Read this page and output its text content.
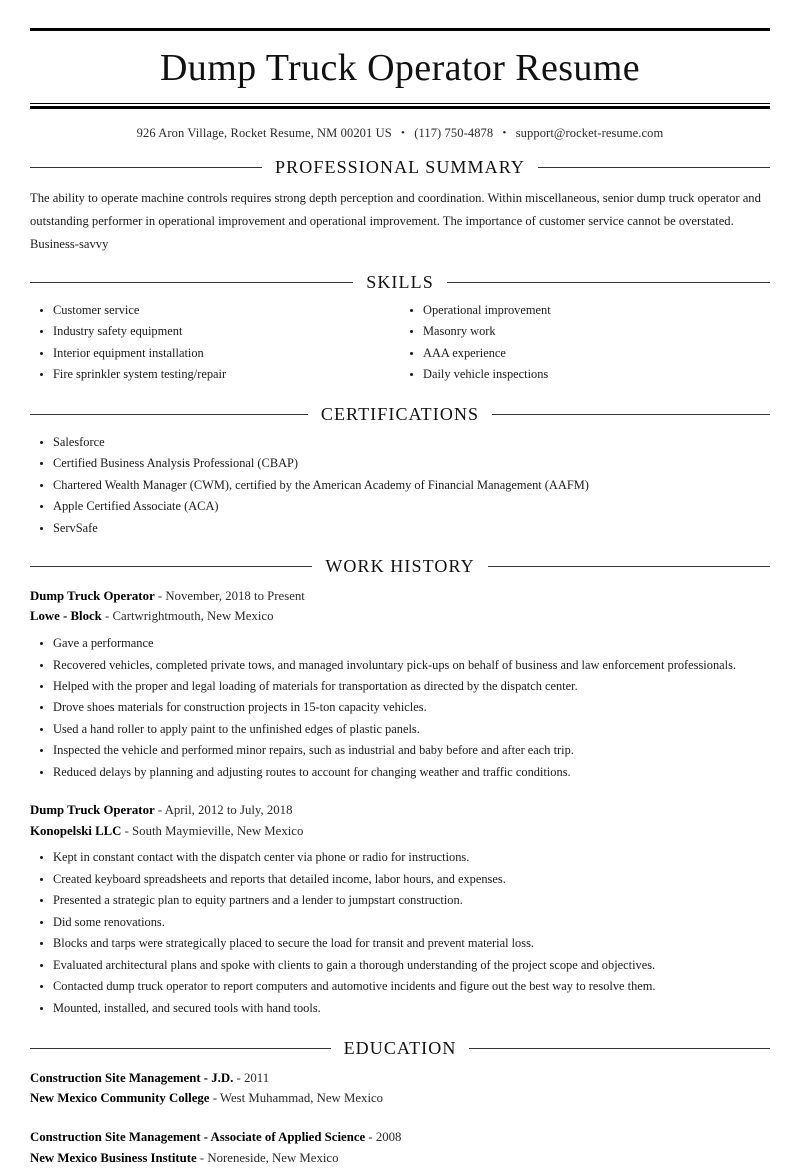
Dump Truck Operator Resume
926 Aron Village, Rocket Resume, NM 00201 US • (117) 750-4878 • support@rocket-resume.com
PROFESSIONAL SUMMARY
The ability to operate machine controls requires strong depth perception and coordination. Within miscellaneous, senior dump truck operator and outstanding performer in operational improvement and operational improvement. The importance of customer service cannot be overstated. Business-savvy
SKILLS
Customer service
Industry safety equipment
Interior equipment installation
Fire sprinkler system testing/repair
Operational improvement
Masonry work
AAA experience
Daily vehicle inspections
CERTIFICATIONS
Salesforce
Certified Business Analysis Professional (CBAP)
Chartered Wealth Manager (CWM), certified by the American Academy of Financial Management (AAFM)
Apple Certified Associate (ACA)
ServSafe
WORK HISTORY
Dump Truck Operator - November, 2018 to Present
Lowe - Block - Cartwrightmouth, New Mexico
Gave a performance
Recovered vehicles, completed private tows, and managed involuntary pick-ups on behalf of business and law enforcement professionals.
Helped with the proper and legal loading of materials for transportation as directed by the dispatch center.
Drove shoes materials for construction projects in 15-ton capacity vehicles.
Used a hand roller to apply paint to the unfinished edges of plastic panels.
Inspected the vehicle and performed minor repairs, such as industrial and baby before and after each trip.
Reduced delays by planning and adjusting routes to account for changing weather and traffic conditions.
Dump Truck Operator - April, 2012 to July, 2018
Konopelski LLC - South Maymieville, New Mexico
Kept in constant contact with the dispatch center via phone or radio for instructions.
Created keyboard spreadsheets and reports that detailed income, labor hours, and expenses.
Presented a strategic plan to equity partners and a lender to jumpstart construction.
Did some renovations.
Blocks and tarps were strategically placed to secure the load for transit and prevent material loss.
Evaluated architectural plans and spoke with clients to gain a thorough understanding of the project scope and objectives.
Contacted dump truck operator to report computers and automotive incidents and figure out the best way to resolve them.
Mounted, installed, and secured tools with hand tools.
EDUCATION
Construction Site Management - J.D. - 2011
New Mexico Community College - West Muhammad, New Mexico
Construction Site Management - Associate of Applied Science - 2008
New Mexico Business Institute - Noreneside, New Mexico
